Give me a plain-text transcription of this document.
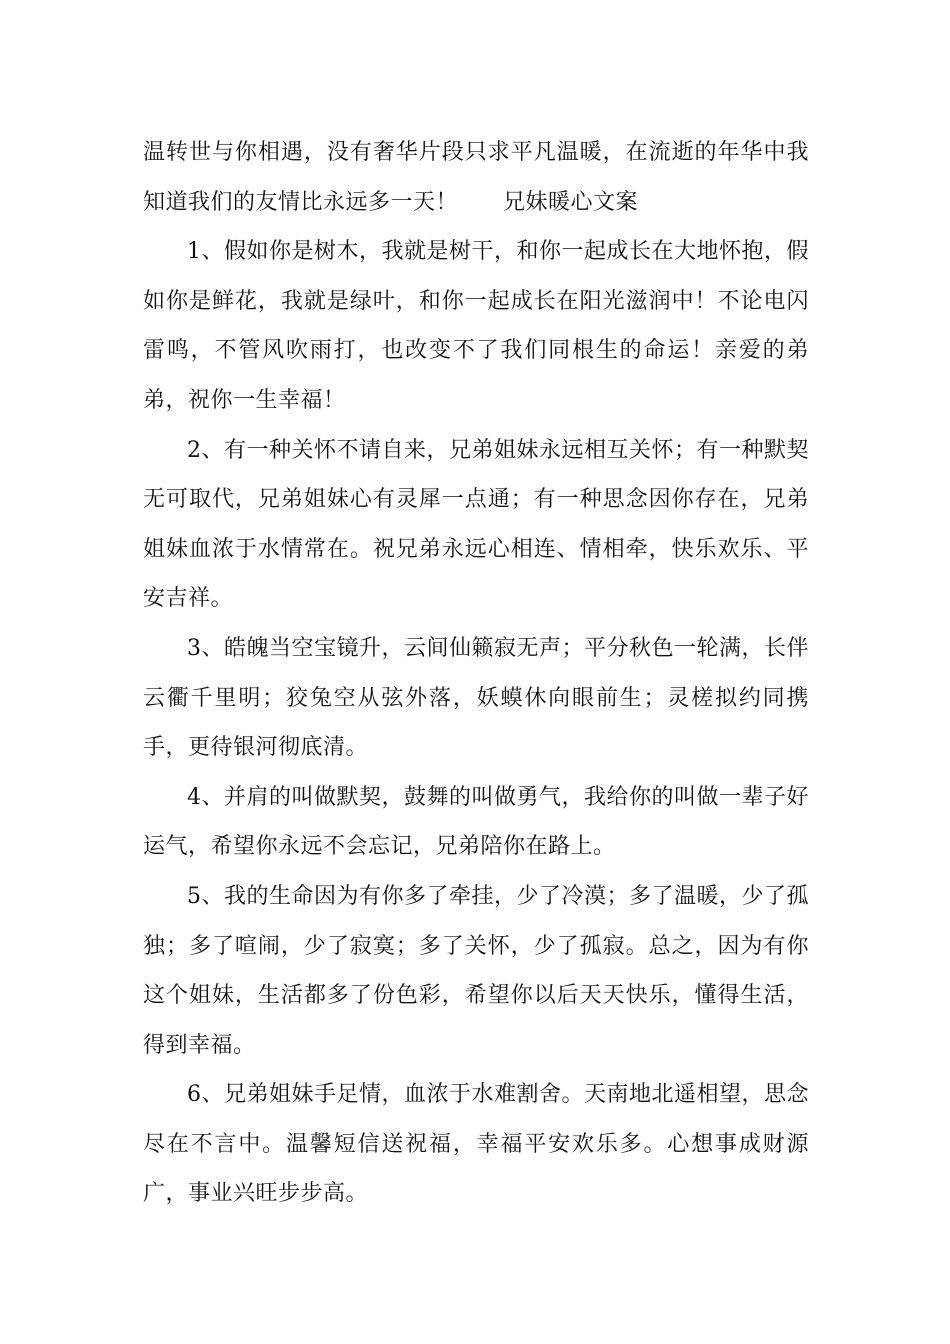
温转世与你相遇，没有奢华片段只求平凡温暖，在流逝的年华中我知道我们的友情比永远多一天！　　兄妹暖心文案

1、假如你是树木，我就是树干，和你一起成长在大地怀抱，假如你是鲜花，我就是绿叶，和你一起成长在阳光滋润中！不论电闪雷鸣，不管风吹雨打，也改变不了我们同根生的命运！亲爱的弟弟，祝你一生幸福！

2、有一种关怀不请自来，兄弟姐妹永远相互关怀；有一种默契无可取代，兄弟姐妹心有灵犀一点通；有一种思念因你存在，兄弟姐妹血浓于水情常在。祝兄弟永远心相连、情相牵，快乐欢乐、平安吉祥。

3、皓魄当空宝镜升，云间仙籁寂无声；平分秋色一轮满，长伴云衢千里明；狡兔空从弦外落，妖蟆休向眼前生；灵槎拟约同携手，更待银河彻底清。

4、并肩的叫做默契，鼓舞的叫做勇气，我给你的叫做一辈子好运气，希望你永远不会忘记，兄弟陪你在路上。

5、我的生命因为有你多了牵挂，少了冷漠；多了温暖，少了孤独；多了喧闹，少了寂寞；多了关怀，少了孤寂。总之，因为有你这个姐妹，生活都多了份色彩，希望你以后天天快乐，懂得生活，得到幸福。

6、兄弟姐妹手足情，血浓于水难割舍。天南地北遥相望，思念尽在不言中。温馨短信送祝福，幸福平安欢乐多。心想事成财源广，事业兴旺步步高。
